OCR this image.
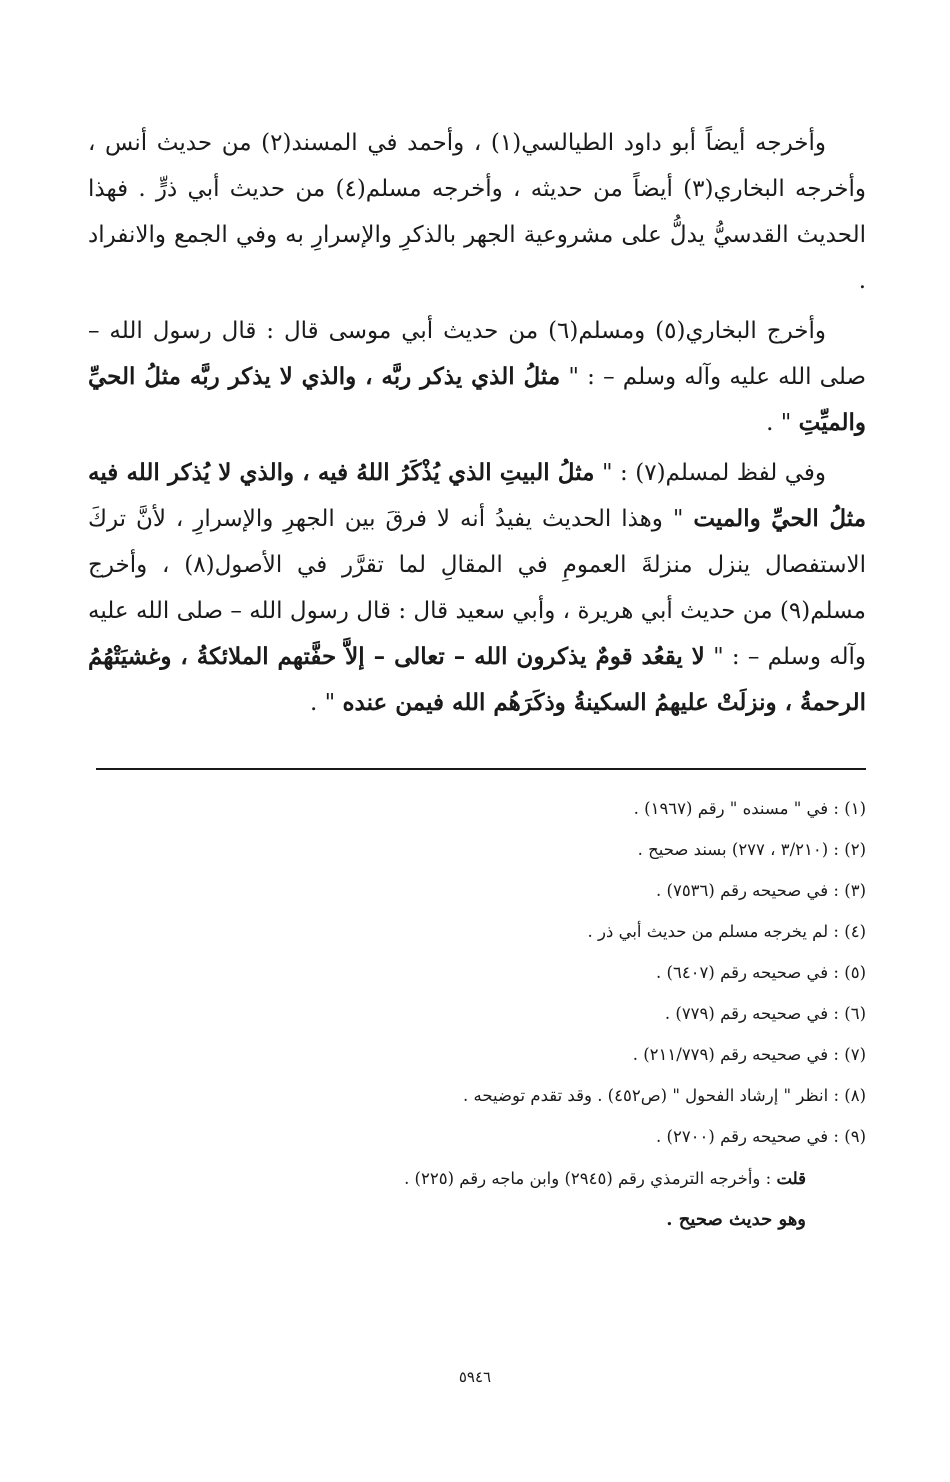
وأخرجه أيضاً أبو داود الطيالسي(١) ، وأحمد في المسند(٢) من حديث أنس ، وأخرجه البخاري(٣) أيضاً من حديثه ، وأخرجه مسلم(٤) من حديث أبي ذرٍّ . فهذا الحديث القدسيُّ يدلُّ على مشروعية الجهر بالذكرِ والإسرارِ به وفي الجمع والانفراد .

وأخرج البخاري(٥) ومسلم(٦) من حديث أبي موسى قال : قال رسول الله – صلى الله عليه وآله وسلم – : " مثلُ الذي يذكر ربَّه ، والذي لا يذكر ربَّه مثلُ الحيِّ والميِّتِ " .

وفي لفظ لمسلم(٧) : " مثلُ البيتِ الذي يُذْكَرُ اللهُ فيه ، والذي لا يُذكر الله فيه مثلُ الحيِّ والميت " وهذا الحديث يفيدُ أنه لا فرقَ بين الجهرِ والإسرارِ ، لأنَّ تركَ الاستفصال ينزل منزلةَ العمومِ في المقالِ لما تقرَّر في الأصول(٨) ، وأخرج مسلم(٩) من حديث أبي هريرة ، وأبي سعيد قال : قال رسول الله – صلى الله عليه وآله وسلم – : " لا يقعُد قومٌ يذكرون الله – تعالى – إلاَّ حفَّتهم الملائكةُ ، وغشيَتْهُمُ الرحمةُ ، ونزلَتْ عليهمُ السكينةُ وذكَرَهُم الله فيمن عنده " .

(١) : في " مسنده " رقم (١٩٦٧) .
(٢) : (٣/٢١٠ ، ٢٧٧) بسند صحيح .
(٣) : في صحيحه رقم (٧٥٣٦) .
(٤) : لم يخرجه مسلم من حديث أبي ذر .
(٥) : في صحيحه رقم (٦٤٠٧) .
(٦) : في صحيحه رقم (٧٧٩) .
(٧) : في صحيحه رقم (٢١١/٧٧٩) .
(٨) : انظر " إرشاد الفحول " (ص٤٥٢) . وقد تقدم توضيحه .
(٩) : في صحيحه رقم (٢٧٠٠) .
قلت : وأخرجه الترمذي رقم (٢٩٤٥) وابن ماجه رقم (٢٢٥) .
وهو حديث صحيح .
٥٩٤٦
